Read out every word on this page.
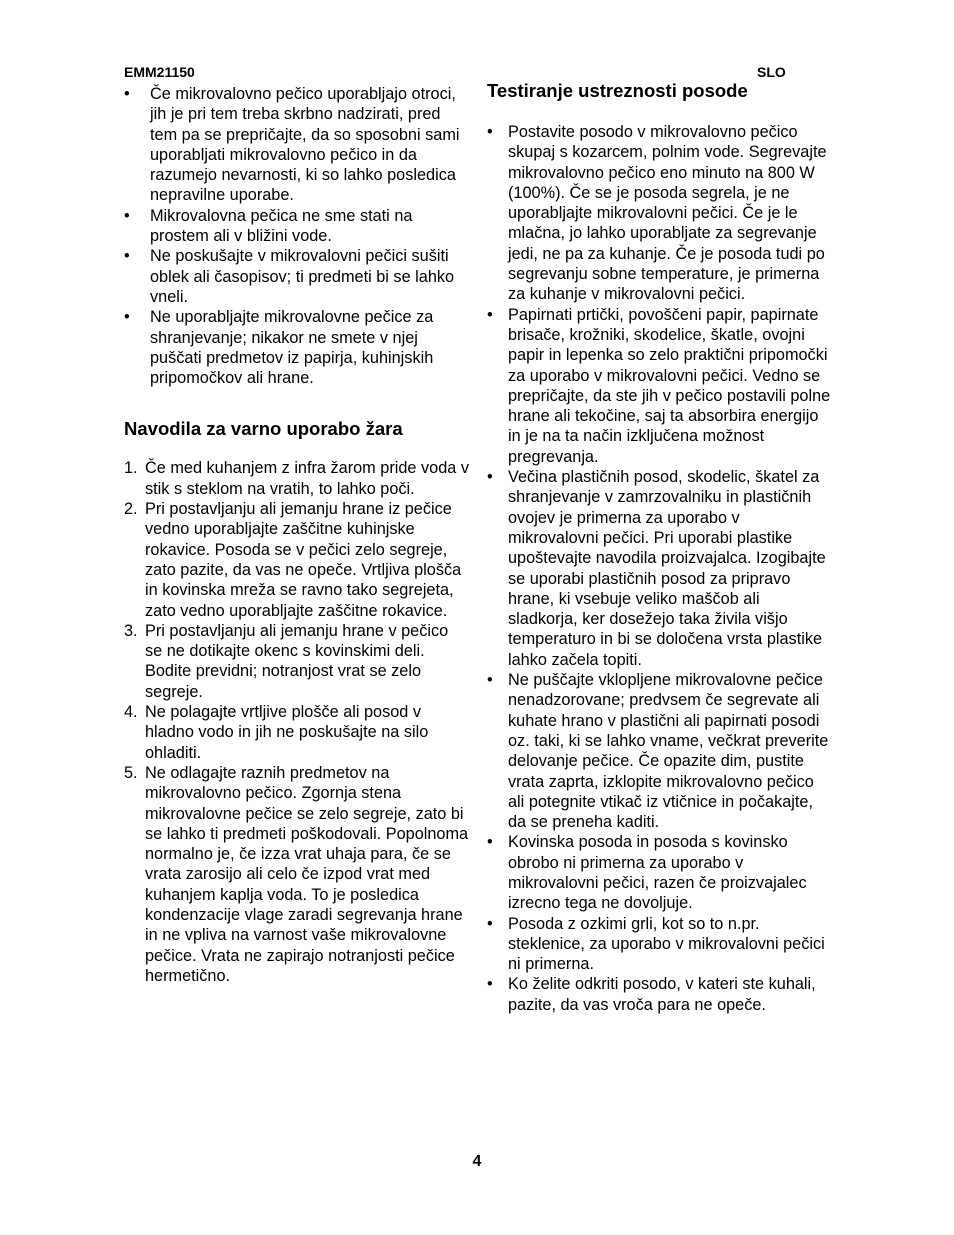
EMM21150	SLO
• Če mikrovalovno pečico uporabljajo otroci, jih je pri tem treba skrbno nadzirati, pred tem pa se prepričajte, da so sposobni sami uporabljati mikrovalovno pečico in da razumejo nevarnosti, ki so lahko posledica nepravilne uporabe.
• Mikrovalovna pečica ne sme stati na prostem ali v bližini vode.
• Ne poskušajte v mikrovalovni pečici sušiti oblek ali časopisov; ti predmeti bi se lahko vneli.
• Ne uporabljajte mikrovalovne pečice za shranjevanje; nikakor ne smete v njej puščati predmetov iz papirja, kuhinjskih pripomočkov ali hrane.
Navodila za varno uporabo žara
1. Če med kuhanjem z infra žarom pride voda v stik s steklom na vratih, to lahko poči.
2. Pri postavljanju ali jemanju hrane iz pečice vedno uporabljajte zaščitne kuhinjske rokavice. Posoda se v pečici zelo segreje, zato pazite, da vas ne opeče. Vrtljiva plošča in kovinska mreža se ravno tako segrejeta, zato vedno uporabljajte zaščitne rokavice.
3. Pri postavljanju ali jemanju hrane v pečico se ne dotikajte okenc s kovinskimi deli. Bodite previdni; notranjost vrat se zelo segreje.
4. Ne polagajte vrtljive plošče ali posod v hladno vodo in jih ne poskušajte na silo ohladiti.
5. Ne odlagajte raznih predmetov na mikrovalovno pečico. Zgornja stena mikrovalovne pečice se zelo segreje, zato bi se lahko ti predmeti poškodovali. Popolnoma normalno je, če izza vrat uhaja para, če se vrata zarosijo ali celo če izpod vrat med kuhanjem kaplja voda. To je posledica kondenzacije vlage zaradi segrevanja hrane in ne vpliva na varnost vaše mikrovalovne pečice. Vrata ne zapirajo notranjosti pečice hermetično.
Testiranje ustreznosti posode
• Postavite posodo v mikrovalovno pečico skupaj s kozarcem, polnim vode. Segrevajte mikrovalovno pečico eno minuto na 800 W (100%). Če se je posoda segrela, je ne uporabljajte mikrovalovni pečici. Če je le mlačna, jo lahko uporabljate za segrevanje jedi, ne pa za kuhanje. Če je posoda tudi po segrevanju sobne temperature, je primerna za kuhanje v mikrovalovni pečici.
• Papirnati prtički, povoščeni papir, papirnate brisače, krožniki, skodelice, škatle, ovojni papir in lepenka so zelo praktični pripomočki za uporabo v mikrovalovni pečici. Vedno se prepričajte, da ste jih v pečico postavili polne hrane ali tekočine, saj ta absorbira energijo in je na ta način izključena možnost pregrevanja.
• Večina plastičnih posod, skodelic, škatel za shranjevanje v zamrzovalniku in plastičnih ovojev je primerna za uporabo v mikrovalovni pečici. Pri uporabi plastike upoštevajte navodila proizvajalca. Izogibajte se uporabi plastičnih posod za pripravo hrane, ki vsebuje veliko maščob ali sladkorja, ker dosežejo taka živila višjo temperaturo in bi se določena vrsta plastike lahko začela topiti.
• Ne puščajte vklopljene mikrovalovne pečice nenadzorovane; predvsem če segrevate ali kuhate hrano v plastični ali papirnati posodi oz. taki, ki se lahko vname, večkrat preverite delovanje pečice. Če opazite dim, pustite vrata zaprta, izklopite mikrovalovno pečico ali potegnite vtikač iz vtičnice in počakajte, da se preneha kaditi.
• Kovinska posoda in posoda s kovinsko obrobo ni primerna za uporabo v mikrovalovni pečici, razen če proizvajalec izrecno tega ne dovoljuje.
• Posoda z ozkimi grli, kot so to n.pr. steklenice, za uporabo v mikrovalovni pečici ni primerna.
• Ko želite odkriti posodo, v kateri ste kuhali, pazite, da vas vroča para ne opeče.
4
